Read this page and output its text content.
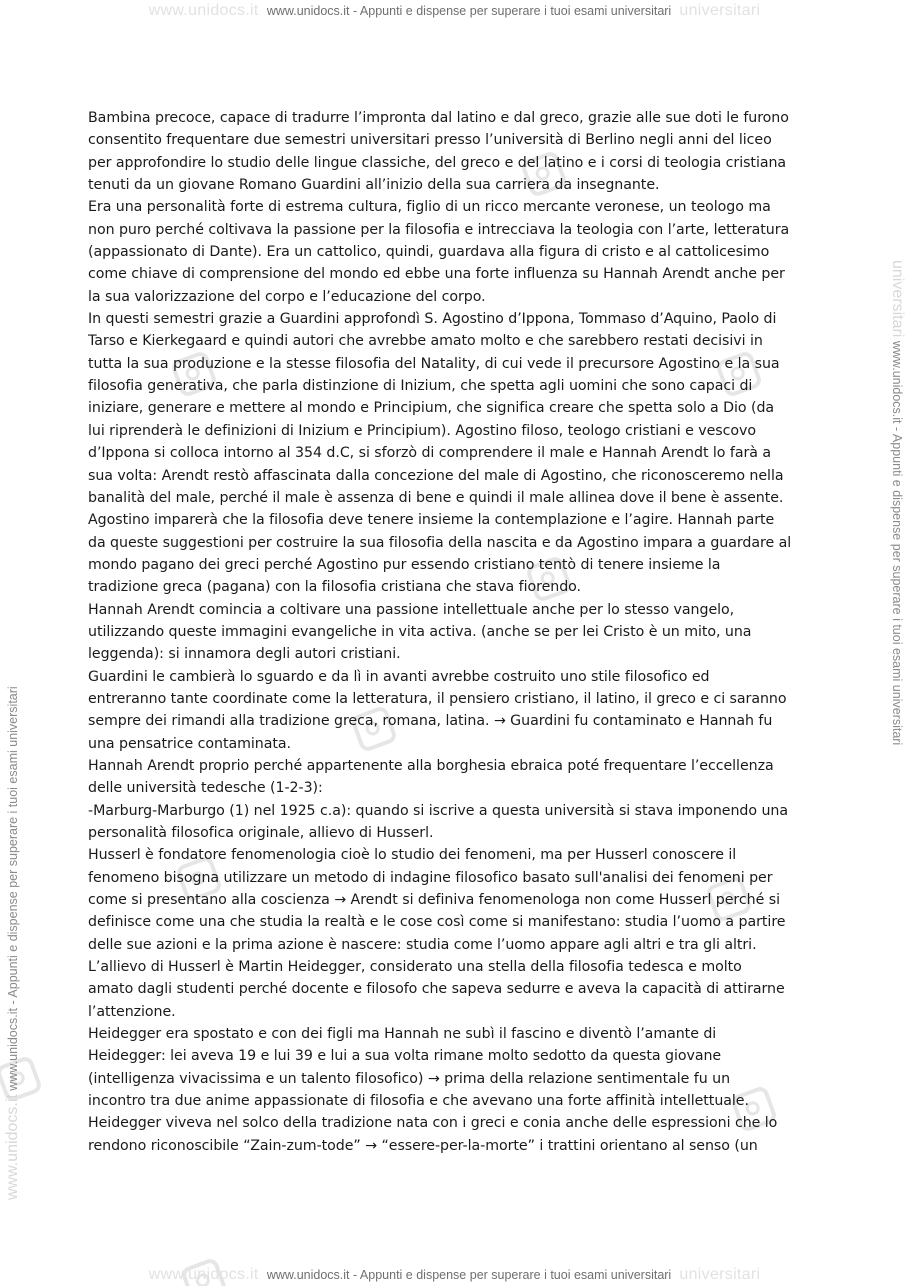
www.unidocs.it www.unidocs.it - Appunti e dispense per superare i tuoi esami universitari universitari
www.unidocs.it www.unidocs.it - Appunti e dispense per superare i tuoi esami universitari
universitari www.unidocs.it - Appunti e dispense per superare i tuoi esami universitari
Bambina precoce, capace di tradurre l’impronta dal latino e dal greco, grazie alle sue doti le furono
consentito frequentare due semestri universitari presso l’università di Berlino negli anni del liceo
per approfondire lo studio delle lingue classiche, del greco e del latino e i corsi di teologia cristiana
tenuti da un giovane Romano Guardini all’inizio della sua carriera da insegnante.
Era una personalità forte di estrema cultura, figlio di un ricco mercante veronese, un teologo ma
non puro perché coltivava la passione per la filosofia e intrecciava la teologia con l’arte, letteratura
(appassionato di Dante). Era un cattolico, quindi, guardava alla figura di cristo e al cattolicesimo
come chiave di comprensione del mondo ed ebbe una forte influenza su Hannah Arendt anche per
la sua valorizzazione del corpo e l’educazione del corpo.
In questi semestri grazie a Guardini approfondì S. Agostino d’Ippona, Tommaso d’Aquino, Paolo di
Tarso e Kierkegaard e quindi autori che avrebbe amato molto e che sarebbero restati decisivi in
tutta la sua produzione e la stesse filosofia del Natality, di cui vede il precursore Agostino e la sua
filosofia generativa, che parla distinzione di Inizium, che spetta agli uomini che sono capaci di
iniziare, generare e mettere al mondo e Principium, che significa creare che spetta solo a Dio (da
lui riprenderà le definizioni di Inizium e Principium). Agostino filoso, teologo cristiani e vescovo
d’Ippona si colloca intorno al 354 d.C, si sforzò di comprendere il male e Hannah Arendt lo farà a
sua volta: Arendt restò affascinata dalla concezione del male di Agostino, che riconosceremo nella
banalità del male, perché il male è assenza di bene e quindi il male allinea dove il bene è assente.
Agostino imparerà che la filosofia deve tenere insieme la contemplazione e l’agire. Hannah parte
da queste suggestioni per costruire la sua filosofia della nascita e da Agostino impara a guardare al
mondo pagano dei greci perché Agostino pur essendo cristiano tentò di tenere insieme la
tradizione greca (pagana) con la filosofia cristiana che stava fiorendo.
Hannah Arendt comincia a coltivare una passione intellettuale anche per lo stesso vangelo,
utilizzando queste immagini evangeliche in vita activa. (anche se per lei Cristo è un mito, una
leggenda): si innamora degli autori cristiani.
Guardini le cambierà lo sguardo e da lì in avanti avrebbe costruito uno stile filosofico ed
entreranno tante coordinate come la letteratura, il pensiero cristiano, il latino, il greco e ci saranno
sempre dei rimandi alla tradizione greca, romana, latina. → Guardini fu contaminato e Hannah fu
una pensatrice contaminata.
Hannah Arendt proprio perché appartenente alla borghesia ebraica poté frequentare l’eccellenza
delle università tedesche (1-2-3):
-Marburg-Marburgo (1) nel 1925 c.a): quando si iscrive a questa università si stava imponendo una
personalità filosofica originale, allievo di Husserl.
Husserl è fondatore fenomenologia cioè lo studio dei fenomeni, ma per Husserl conoscere il
fenomeno bisogna utilizzare un metodo di indagine filosofico basato sull'analisi dei fenomeni per
come si presentano alla coscienza → Arendt si definiva fenomenologa non come Husserl perché si
definisce come una che studia la realtà e le cose così come si manifestano: studia l’uomo a partire
delle sue azioni e la prima azione è nascere: studia come l’uomo appare agli altri e tra gli altri.
L’allievo di Husserl è Martin Heidegger, considerato una stella della filosofia tedesca e molto
amato dagli studenti perché docente e filosofo che sapeva sedurre e aveva la capacità di attirarne
l’attenzione.
Heidegger era spostato e con dei figli ma Hannah ne subì il fascino e diventò l’amante di
Heidegger: lei aveva 19 e lui 39 e lui a sua volta rimane molto sedotto da questa giovane
(intelligenza vivacissima e un talento filosofico) → prima della relazione sentimentale fu un
incontro tra due anime appassionate di filosofia e che avevano una forte affinità intellettuale.
Heidegger viveva nel solco della tradizione nata con i greci e conia anche delle espressioni che lo
rendono riconoscibile “Zain-zum-tode” → “essere-per-la-morte” i trattini orientano al senso (un
www.unidocs.it www.unidocs.it - Appunti e dispense per superare i tuoi esami universitari universitari
